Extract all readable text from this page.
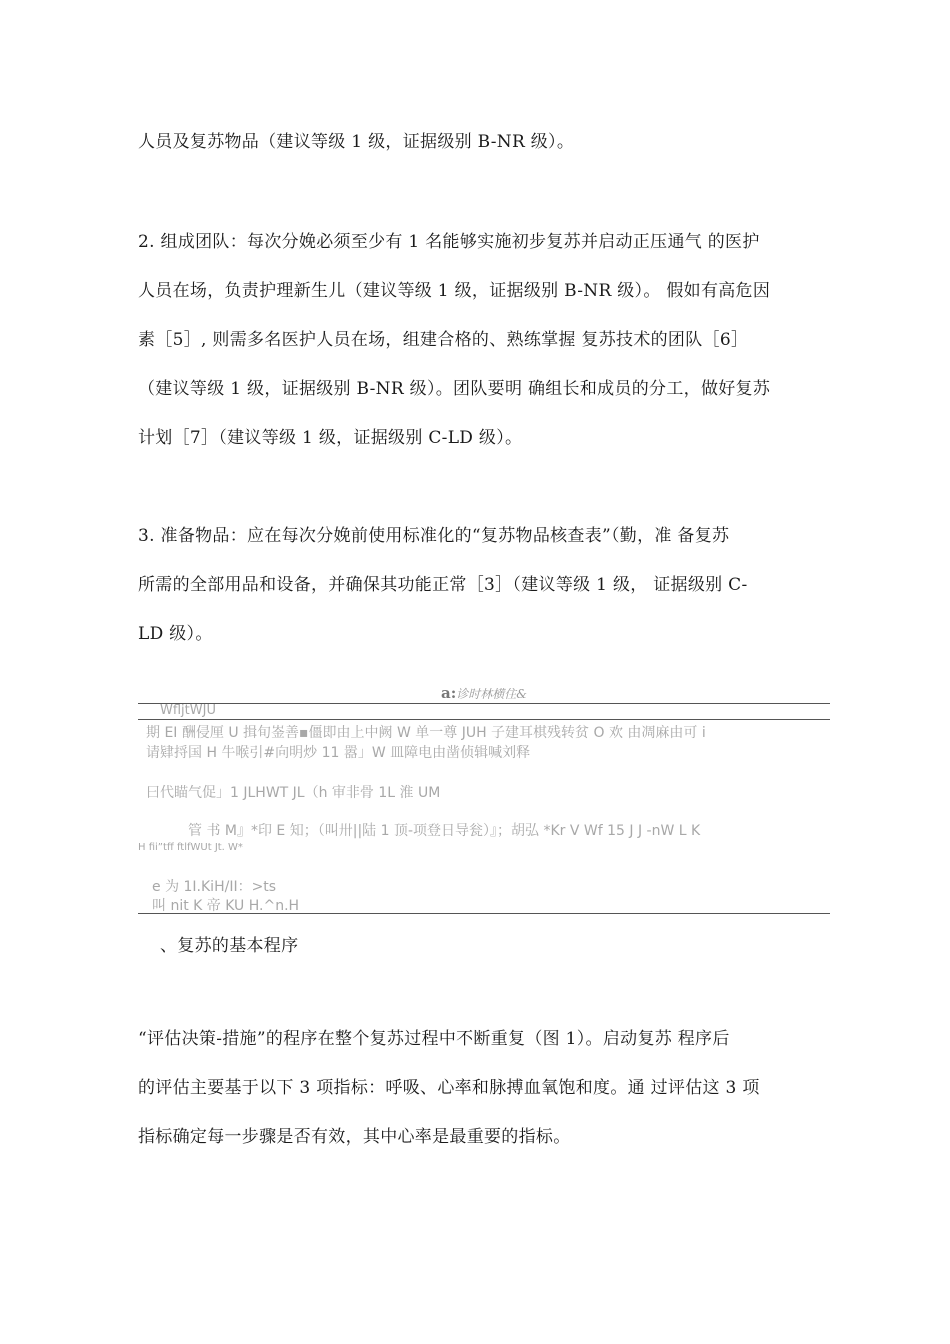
人员及复苏物品（建议等级 1 级，证据级别 B-NR 级）。

2. 组成团队：每次分娩必须至少有 1 名能够实施初步复苏并启动正压通气 的医护
人员在场，负责护理新生儿（建议等级 1 级，证据级别 B-NR 级）。 假如有高危因
素［5］, 则需多名医护人员在场，组建合格的、熟练掌握 复苏技术的团队［6］
（建议等级 1 级，证据级别 B-NR 级）。团队要明 确组长和成员的分工，做好复苏
计划［7］（建议等级 1 级，证据级别 C-LD 级）。

3. 准备物品：应在每次分娩前使用标准化的“复苏物品核查表”（勤，准 备复苏
所需的全部用品和设备，并确保其功能正常［3］（建议等级 1 级， 证据级别 C-
LD 级）。

a:诊时林横住&
WfljtWJU
期 EI 酬侵厘 U 揖旬崟善▪僵即由上中阙 W 单一尊 JUH 子建耳棋残转贫 O 欢 由凋麻由可 i
请肄捋国 H 牛喉引#向明炒 11 嚣」W 皿障电由凿侦辑喊刘释
曰代瞄气促」1 JLHWT JL（h 审非骨 1L 淮 UM
管 书 M』*印 E 知；（叫卅||陆 1 顶-项登日导瓮）』；胡弘 *Kr V Wf 15 J J -nW L K
H fii”tff ftlfWUt Jt. W*
e 为 1I.KiH/II：>ts
叫 nit K 帝 KU H.^n.H

、复苏的基本程序

“评估决策-措施”的程序在整个复苏过程中不断重复（图 1）。启动复苏 程序后
的评估主要基于以下 3 项指标：呼吸、心率和脉搏血氧饱和度。通 过评估这 3 项
指标确定每一步骤是否有效，其中心率是最重要的指标。
